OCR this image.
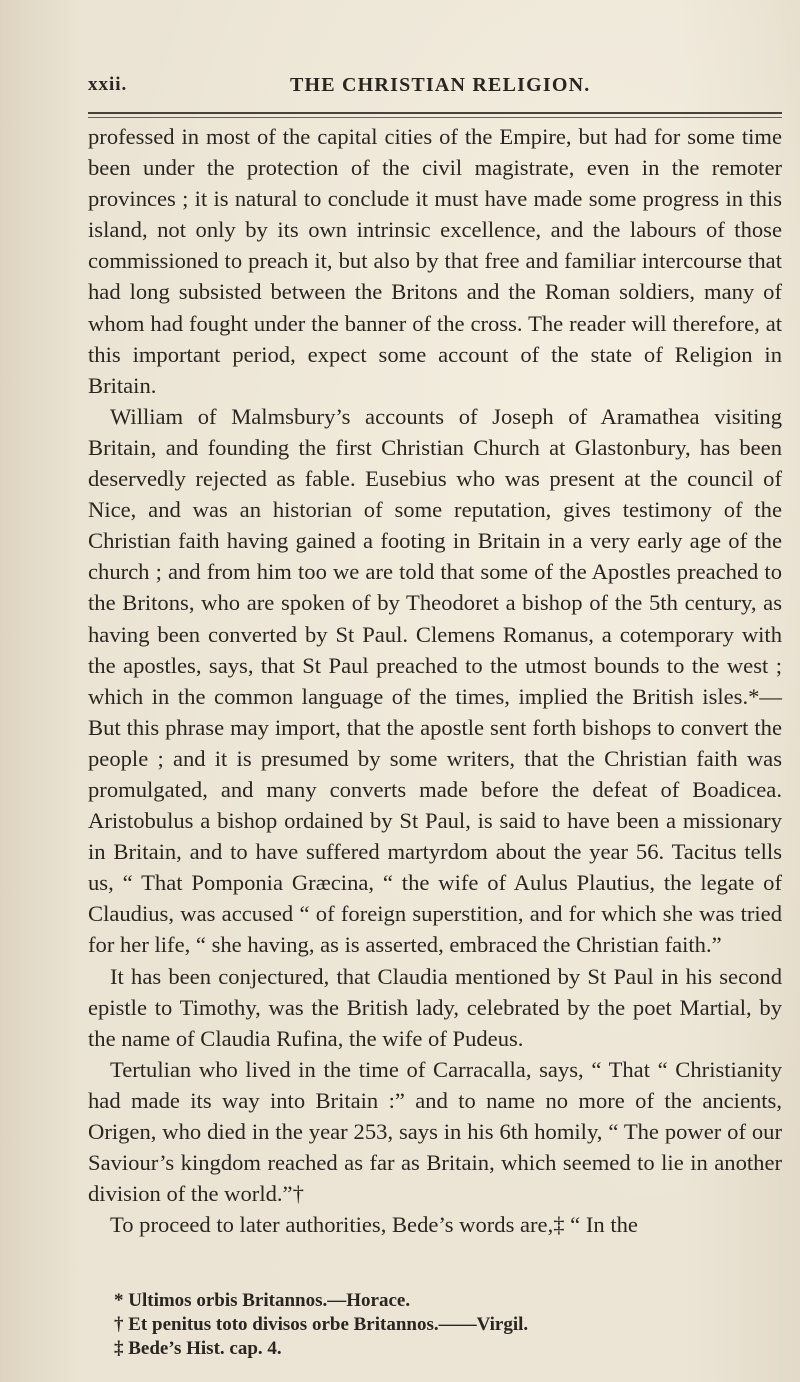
xxii.	THE CHRISTIAN RELIGION.

professed in most of the capital cities of the Empire, but had for some time been under the protection of the civil magistrate, even in the remoter provinces ; it is natural to conclude it must have made some progress in this island, not only by its own intrinsic excellence, and the labours of those commissioned to preach it, but also by that free and familiar intercourse that had long subsisted between the Britons and the Roman soldiers, many of whom had fought under the banner of the cross. The reader will therefore, at this important period, expect some account of the state of Religion in Britain.

William of Malmsbury’s accounts of Joseph of Aramathea visiting Britain, and founding the first Christian Church at Glastonbury, has been deservedly rejected as fable. Eusebius who was present at the council of Nice, and was an historian of some reputation, gives testimony of the Christian faith having gained a footing in Britain in a very early age of the church ; and from him too we are told that some of the Apostles preached to the Britons, who are spoken of by Theodoret a bishop of the 5th century, as having been converted by St Paul. Clemens Romanus, a cotemporary with the apostles, says, that St Paul preached to the utmost bounds to the west ; which in the common language of the times, implied the British isles.*—But this phrase may import, that the apostle sent forth bishops to convert the people ; and it is presumed by some writers, that the Christian faith was promulgated, and many converts made before the defeat of Boadicea. Aristobulus a bishop ordained by St Paul, is said to have been a missionary in Britain, and to have suffered martyrdom about the year 56. Tacitus tells us, “ That Pomponia Græcina, “ the wife of Aulus Plautius, the legate of Claudius, was accused “ of foreign superstition, and for which she was tried for her life, “ she having, as is asserted, embraced the Christian faith.”

It has been conjectured, that Claudia mentioned by St Paul in his second epistle to Timothy, was the British lady, celebrated by the poet Martial, by the name of Claudia Rufina, the wife of Pudeus.

Tertulian who lived in the time of Carracalla, says, “ That “ Christianity had made its way into Britain :” and to name no more of the ancients, Origen, who died in the year 253, says in his 6th homily, “ The power of our Saviour’s kingdom reached as far as Britain, which seemed to lie in another division of the world.”†

To proceed to later authorities, Bede’s words are,‡ “ In the

* Ultimos orbis Britannos.—Horace.

† Et penitus toto divisos orbe Britannos.——Virgil.

‡ Bede’s Hist. cap. 4.
